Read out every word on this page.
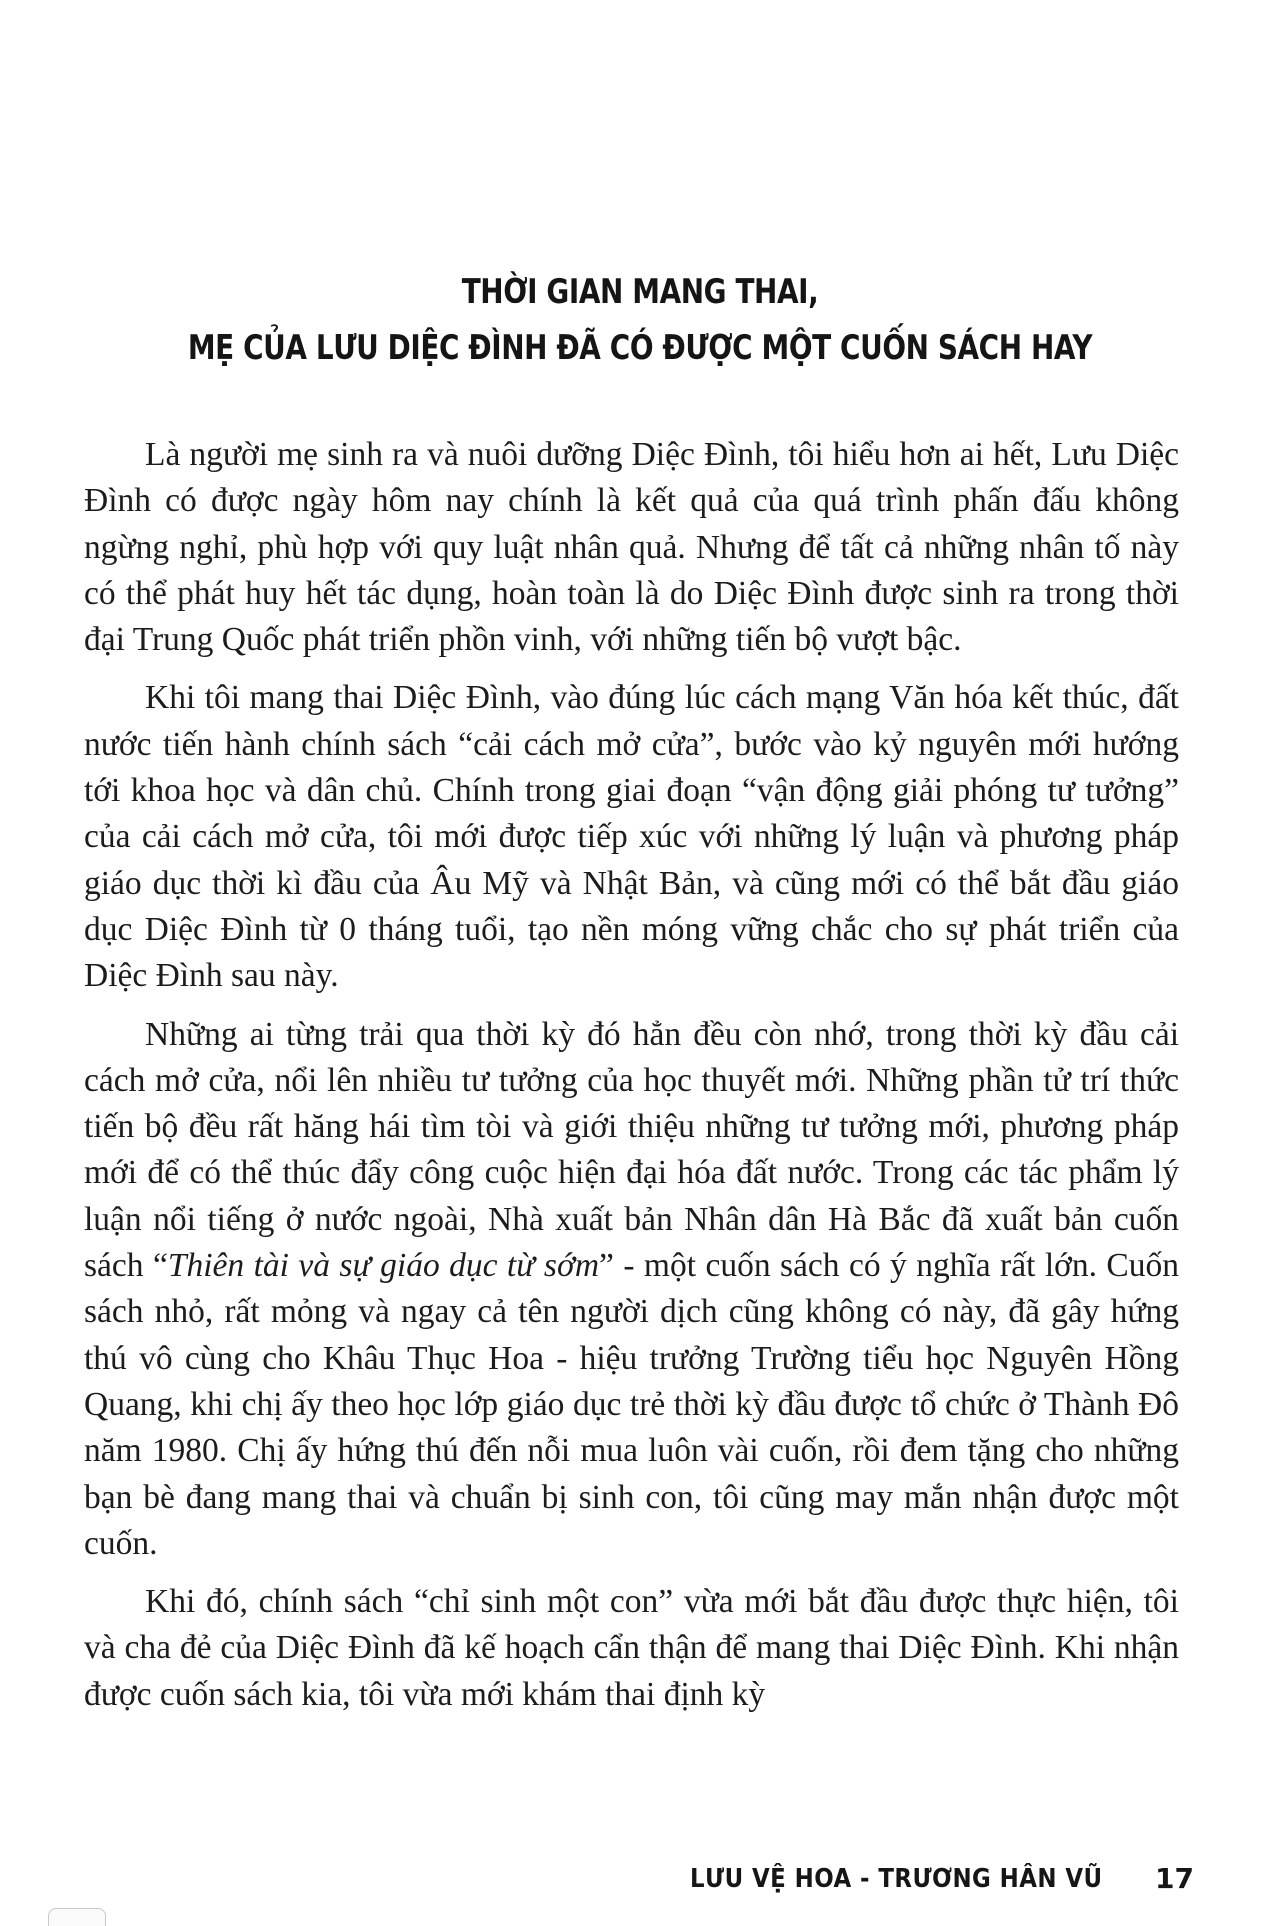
THỜI GIAN MANG THAI,
MẸ CỦA LƯU DIỆC ĐÌNH ĐÃ CÓ ĐƯỢC MỘT CUỐN SÁCH HAY

Là người mẹ sinh ra và nuôi dưỡng Diệc Đình, tôi hiểu hơn ai hết, Lưu Diệc Đình có được ngày hôm nay chính là kết quả của quá trình phấn đấu không ngừng nghỉ, phù hợp với quy luật nhân quả. Nhưng để tất cả những nhân tố này có thể phát huy hết tác dụng, hoàn toàn là do Diệc Đình được sinh ra trong thời đại Trung Quốc phát triển phồn vinh, với những tiến bộ vượt bậc.

Khi tôi mang thai Diệc Đình, vào đúng lúc cách mạng Văn hóa kết thúc, đất nước tiến hành chính sách “cải cách mở cửa”, bước vào kỷ nguyên mới hướng tới khoa học và dân chủ. Chính trong giai đoạn “vận động giải phóng tư tưởng” của cải cách mở cửa, tôi mới được tiếp xúc với những lý luận và phương pháp giáo dục thời kì đầu của Âu Mỹ và Nhật Bản, và cũng mới có thể bắt đầu giáo dục Diệc Đình từ 0 tháng tuổi, tạo nền móng vững chắc cho sự phát triển của Diệc Đình sau này.

Những ai từng trải qua thời kỳ đó hẳn đều còn nhớ, trong thời kỳ đầu cải cách mở cửa, nổi lên nhiều tư tưởng của học thuyết mới. Những phần tử trí thức tiến bộ đều rất hăng hái tìm tòi và giới thiệu những tư tưởng mới, phương pháp mới để có thể thúc đẩy công cuộc hiện đại hóa đất nước. Trong các tác phẩm lý luận nổi tiếng ở nước ngoài, Nhà xuất bản Nhân dân Hà Bắc đã xuất bản cuốn sách “Thiên tài và sự giáo dục từ sớm” - một cuốn sách có ý nghĩa rất lớn. Cuốn sách nhỏ, rất mỏng và ngay cả tên người dịch cũng không có này, đã gây hứng thú vô cùng cho Khâu Thục Hoa - hiệu trưởng Trường tiểu học Nguyên Hồng Quang, khi chị ấy theo học lớp giáo dục trẻ thời kỳ đầu được tổ chức ở Thành Đô năm 1980. Chị ấy hứng thú đến nỗi mua luôn vài cuốn, rồi đem tặng cho những bạn bè đang mang thai và chuẩn bị sinh con, tôi cũng may mắn nhận được một cuốn.

Khi đó, chính sách “chỉ sinh một con” vừa mới bắt đầu được thực hiện, tôi và cha đẻ của Diệc Đình đã kế hoạch cẩn thận để mang thai Diệc Đình. Khi nhận được cuốn sách kia, tôi vừa mới khám thai định kỳ

LƯU VỆ HOA - TRƯƠNG HÂN VŨ 17
